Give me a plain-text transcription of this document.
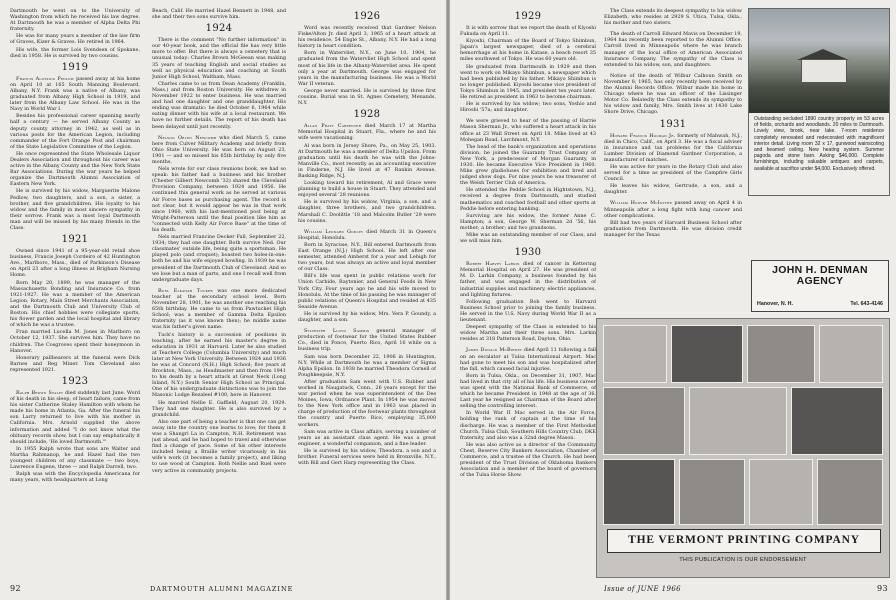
Dartmouth he went on to the University of Washington from which he received his law degree. At Dartmouth he was a member of Alpha Delta Phi fraternity.

He was for many years a member of the law firm of Graves, Kizer & Graves. He retired in 1964.

His wife, the former Lois Svendsen of Spokane, died in 1958. He is survived by two cousins.

1919

Francis Aloysius Pedlow passed away at his home on April 10 at 165 South Manning Boulevard, Albany, N.Y. Frank was a native of Albany, was graduated from Albany High School in 1919, and later from the Albany Law School. He was in the Navy in World War I.

Besides his professional career spanning nearly half a century — he served Albany County as deputy county attorney in 1942, as well as in various posts for the American Legion, including commander of the Fort Orange Post and chairman of the State Legislative Committee of the Legion.

He once represented the State Wholesale Liquor Dealers Association and throughout his career was active in the Albany County and the New York State Bar Associations. During the war years he helped organize the Dartmouth Alumni Association of Eastern New York.

He is survived by his widow, Marguerite Malone Pedlow, two daughters, and a son, a sister, a brother, and five grandchildren. His loyalty to his widow and the family in most sincere sympathy in their sorrow. Frank was a most loyal Dartmouth man and will be missed by his many friends in the Class.

1921

Owned since 1941 of a 95-year-old retail shoe business, Francis Joseph Cordeiro of 42 Huntington Ave., Marlboro, Mass., died of Parkinson's Disease on April 23 after a long illness at Brigham Nursing Home.

Born May 20, 1899, he was manager of the Massachusetts Bonding and Insurance Co. from 1921-1927. He was a member of the American Legion, Rotary, Main Street Merchants Association, and the Dartmouth Club and University Club of Boston. His chief hobbies were collegiate sports, his flower garden and the local hospital and library of which he was a trustee.

Fran married Lucella M. Jones in Marlboro on October 12, 1937. She survives him. They have no children. The Cosgroves spent their honeymoon in Hanover.

Honorary pallbearers at the funeral were Dick Barnes and Reg Miner. Tom Cleveland also represented 1921.

1923

Ralph Brown Staley died suddenly last June. Word of his death in his sleep, of heart failure, came from his sister Catherine Staley Hamilton with whom he made his home in Atlanta, Ga. After the funeral his son Larry returned to live with his mother in California. Mrs. Arnold supplied the above information and added "I do not know what the obituary records show, but I can say emphatically it should include, 'He loved Dartmouth.'"

In 1955 Ralph wrote that sons are Walter and Martha Rahmanop, he and Hazel had the two youngest children of any classmate — two boys, Lawrence Eugene, three — and Ralph Darrell, two.

Ralph was with the Encyclopedia Americana for many years, with headquarters at Long

Beach, Calif. He married Hazel Bennett in 1948, and she and their two sons survive him.

1924

There is the comment "No further information" in our 40-year book, and the official file has very little more to offer. But there is always a cemetery that is unusual today: Charles Brown McGeean was making 35 years of teaching English and social studies as well as physical education and coaching at South Junior High School, Waltham, Mass.

Charles came to us from Dean Academy (Franklin, Mass.) and from Boston University. He withdrew in November 1922 to enter business. He was married and had one daughter and one granddaughter. His ending was dramatic: he died October 6, 1964 while eating dinner with his wife at a local restaurant. We have no further details. The report of his death has been delayed until just recently.

Nelson Orlen Newcomb who died March 5, came here from Culver Military Academy and briefly from Ohio State University. He was born on August 23, 1901 — and so missed his 65th birthday by only five months.

Nels wrote for our class reunions book, we had so speak: his father had a business and his brother (Chester Gilbert Newcomb '32) shared the Cleveland Provision Company, between 1924 and 1956. He continued this general work as he served at various Air Force bases as purchasing agent. The record is not clear, but it would appear he was in that work since 1960, with his last-mentioned post being at Wright-Patterson until the final position like him as "connected with Kelly Air Force Base" at the time of his death.

Nels married Francine Decker Fall, September 22, 1934; they had one daughter. Both survive Ned. Our classmates' outside life, being quite a sportsman. He played polo (and croquet); boasted two holes-in-one: both he and his wife enjoyed bowling. In 1939 he was president of the Dartmouth Club of Cleveland. And so we lose but a man of parts, and one I recall well from undergraduate days.

Ruel Elkanah Tucker was one more dedicated teacher at the secondary school level. Born November 28, 1901, he was another one reaching his 65th birthday. He came to us from Pawtucket High School; was a member of Gamma Delta Epsilon fraternity (as it was known then); he middle name was his father's given name.

Tuck's history is a succession of positions in teaching, after he earned his master's degree in education in 1931 at Harvard. Later he also studied at Teachers College (Columbia University) and much later at New York University. Between 1924 and 1936 he was at Concord (N.H.) High School; five years at Brockton, Mass., as Headmaster and then from 1941 to his death by a heart attack at Great Neck (Long Island, N.Y.) South Senior High School as Principal. One of his undergraduate distinctions was to join the Masonic Lodge Bezaleel #100, here in Hanover.

He married Nellie E. Gaffield, August 20, 1929. They had one daughter. He is also survived by a grandchild.

Also one part of being a teacher is that one can get away into the country one learns to love; for them it was a Shangri La in Campton, N.H. Retirement was just ahead, and he had hoped to travel and otherwise find a change of pace. Some of his other interests included being a Braille writer vicariously in his wife's work (it becomes a family project), and liking to use wood at Campton. Both Nellie and Ruel were very active in community projects.

1926

Word was recently received that Gardner Nelson Fiske/Alton Jr. died April 3, 1965 of a heart attack at his residence, 54 Engle St., Albany, N.Y. He had a long history in heart condition.

Born in Watervliet, N.Y., on June 10, 1904, he graduated from the Watervliet High School and spent most of his life in the Albany-Watervliet area. He spent only a year at Dartmouth. George was engaged for years in the manufacturing business. He was a World War II veteran.

George never married. He is survived by three first cousins. Burial was in St. Agnes Cemetery, Menands, N.Y.

1928

Allan Pratt Carpenter died March 17 at Martha Memorial Hospital in Stuart, Fla., where he and his wife were vacationing.

Al was born in Jersey Shore, Pa., on May 25, 1903. At Dartmouth he was a member of Delta Upsilon. From graduation until his death he was with the Johns-Manville Co., most recently as an accounting executive in Finderne, N.J. He lived at 47 Rankin Avenue, Basking Ridge, N.J.

Looking toward his retirement, Al and Grace were planning to build a house in Stuart. They attended and enjoyed several '28 reunions.

He is survived by his widow, Virginia, a son, and a daughter, three brothers, and two grandchildren. Marshall C. Doolittle '18 and Malcolm Butler '29 were his cousins.

William Leonard Godley died March 31 in Queen's Hospital, Honolulu.

Born in Syracuse, N.Y., Bill entered Dartmouth from East Orange (N.J.) High School. He left after one semester, attended Amherst for a year and Lehigh for two years, but was always an active and loyal member of our Class.

Bill's life was spent in public relations work for Union Carbide, Raytonier, and General Foods in New York City. Four years ago he and his wife moved to Honolulu. At the time of his passing he was manager of public relations of Queen's Hospital and resided at 435 Seaside Avenue.

He is survived by his widow, Mrs. Vera P. Goundy, a daughter, and a son.

Sylvester Lloyd Sammis general manager of production of footwear for the United States Rubber Co., died in Ponce, Puerto Rico, April 16 while on a business trip.

Sam was born December 22, 1906 in Huntington, N.Y. While at Dartmouth he was a member of Sigma Alpha Epsilon. In 1938 he married Theodora Cornell of Poughkeepsie, N.Y.

After graduation Sam went with U.S. Rubber and worked in Naugatuck, Conn., 26 years except for the war period when he was superintendent of the Des Moines, Iowa, Ordnance Plant. In 1954 he was moved to the New York office and in 1963 was placed in charge of production of the footwear plants throughout the country and Puerto Rico, employing 35,000 workers.

Sam was active in Class affairs, serving a number of years as an assistant class agent. He was a great engineer, a wonderful companion, and a fine leader.

He is survived by his widow, Theodora, a son and a brother. Funeral services were held in Bronxville, N.Y., with Bill and Gert Harp representing the Class.

92	DARTMOUTH ALUMNI MAGAZINE
1929

It is with sorrow that we report the death of Kiyoshi Fukuda on April 11.

Kiyoshi, Chairman of the Board of Tokyo Shimbun, Japan's largest newspaper, died of a cerebral hemorrhage at his home in Katase, a beach resort 35 miles southwest of Tokyo. He was 60 years old.

He graduated from Dartmouth in 1929 and then went to work on Mikayo Shimbun, a newspaper which had been published by his father. Mikayo Shimbun is no longer published. Kiyoshi became vice president of Tokyo Shimbun in 1945, and president ten years later. He retired as president in 1963 to become chairman.

He is survived by his widow; two sons, Yoshio and Hiroshi '57a; and daughter.

We were grieved to hear of the passing of Harrie Mason Sherman Jr., who suffered a heart attack in his office at 23 Wall Street on April 18. Mike lived at 43 Mohegan Road, Larchmont, N.Y.

The head of the bank's organization and operations division, he joined the Guaranty Trust Company of New York, a predecessor of Morgan Guaranty, in 1930. He became Executive Vice President in 1960. Mike grew gladioluses for exhibition and bred and judged show dogs. For nine years he was treasurer of the Welsh Terrier Club of America.

He attended the Peddie School in Hightstown, N.J., received a degree from Dartmouth, and studied mathematics and coached football and other sports at Peddie before entering banking.

Surviving are his widow, the former Anne C. Hampton; a son, George W. Sherman 2d '56, his mother; a brother; and two grandsons.

Mike was an outstanding member of our Class, and we will miss him.

1930

Robert Harvey Larkin died of cancer in Kettering Memorial Hospital on April 27. He was president of M. D. Larkin Company, a business founded by his father, and was engaged in the distribution of industrial supplies and machinery, electric appliances, and lighting fixtures.

Following graduation Bob went to Harvard Business School prior to joining the family business. He served in the U.S. Navy during World War II as a lieutenant.

Deepest sympathy of the Class is extended to his widow Martha and their three sons. Mrs. Larkin resides at 318 Patterson Road, Dayton, Ohio.

James Donald McBirney died April 11 following a fall on an escalator at Tulsa International Airport. Mac had gone to meet his son and was hospitalized after the fall, which caused facial injuries.

Born in Tulsa, Okla., on December 31, 1907, Mac had lived in that city all of his life. His business career was spent with the National Bank of Commerce, of which he became President in 1948 at the age of 36. Last year he resigned as Chairman of the Board after selling the controlling interest.

In World War II Mac served in the Air Force, holding the rank of captain at the time of his discharge. He was a member of the First Methodist Church, Tulsa Club, Southern Hills Country Club, DKE fraternity, and also was a 32nd degree Mason.

He was also active as a director of the Community Chest, Reserve City Bankers Association, Chamber of Commerce, and a trustee of the Church. He had been president of the Trust Division of Oklahoma Bankers Association and a member of the board of governors of the Tulsa Horse Show.

The Class extends its deepest sympathy to his widow Elizabeth, who resides at 2929 S. Utica, Tulsa, Okla., his mother and two sisters.

The death of Carroll Edward Mavis on December 19, 1964 has recently been reported to the Alumni Office. Carroll lived in Minneapolis where he was branch manager of the local office of American Associated Insurance Company. The sympathy of the Class is extended to his widow, son, and daughters.

Notice of the death of Wilbur Calhoun Smith on November 8, 1965, has only recently been received by the Alumni Records Office. Wilbur made his home in Chicago where he was an officer of the Lissinger Motor Co. Belatedly the Class extends its sympathy to his widow and family, Mrs. Smith lives at 1430 Lake Shore Drive, Chicago.

1931

Howard Francis Holman Jr. formerly of Mahwah, N.J., died in Chico, Calif., on April 3. He was a fiscal adviser in insurance and tax problems for the California Lumber Division of Diamond Gardner Corporation, a manufacturer of matches.

He was active for years in the Rotary Club and also served for a time as president of the Campfire Girls Council.

He leaves his widow, Gertrude, a son, and a daughter.

William Hoover McIntyre passed away on April 4 in Minneapolis after a long fight with lung cancer and other complications.

Bill had two years of Harvard Business School after graduation from Dartmouth. He was division credit manager for the Texas

Issue of JUNE 1966	93
Outstanding secluded 1890 country property on 53 acres of fields, orchards and woodlands. 20 miles to Dartmouth. Lovely view, brook, near lake. 7-room residence completely renovated and redecorated with magnificent interior detail. Living room 32 x 17, gunwood wainscoting and beamed ceiling. New heating system. Summer pagoda and stone barn. Asking $46,000. Complete furnishings, including valuable antiques and carpets, available at sacrifice under $4,000. Exclusively offered.
JOHN H. DENMAN AGENCY
Hanover, N. H.	Tel. 643-4146
THE VERMONT PRINTING COMPANY
THIS PUBLICATION IS OUR ENDORSEMENT
